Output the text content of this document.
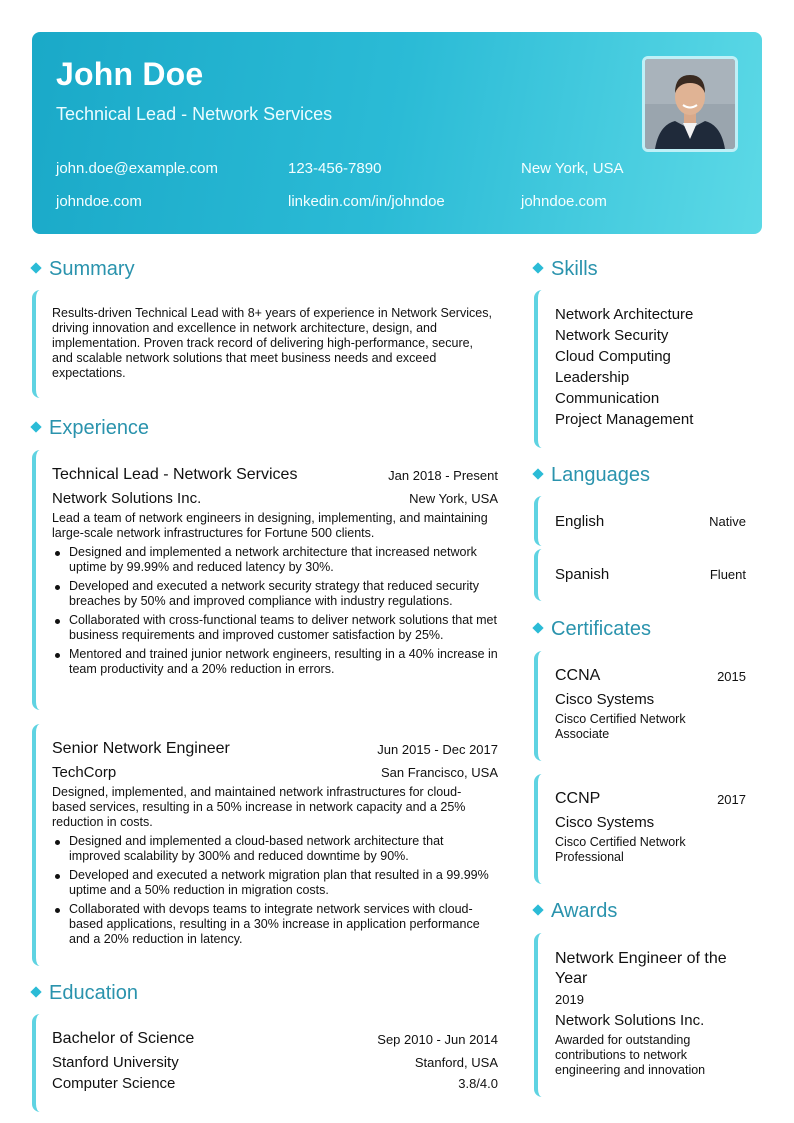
John Doe
Technical Lead - Network Services
john.doe@example.com	123-456-7890	New York, USA
johndoe.com	linkedin.com/in/johndoe	johndoe.com
Summary
Results-driven Technical Lead with 8+ years of experience in Network Services, driving innovation and excellence in network architecture, design, and implementation. Proven track record of delivering high-performance, secure, and scalable network solutions that meet business needs and exceed expectations.
Experience
Technical Lead - Network Services	Jan 2018 - Present
Network Solutions Inc.	New York, USA
Lead a team of network engineers in designing, implementing, and maintaining large-scale network infrastructures for Fortune 500 clients.
Designed and implemented a network architecture that increased network uptime by 99.99% and reduced latency by 30%.
Developed and executed a network security strategy that reduced security breaches by 50% and improved compliance with industry regulations.
Collaborated with cross-functional teams to deliver network solutions that met business requirements and improved customer satisfaction by 25%.
Mentored and trained junior network engineers, resulting in a 40% increase in team productivity and a 20% reduction in errors.
Senior Network Engineer	Jun 2015 - Dec 2017
TechCorp	San Francisco, USA
Designed, implemented, and maintained network infrastructures for cloud-based services, resulting in a 50% increase in network capacity and a 25% reduction in costs.
Designed and implemented a cloud-based network architecture that improved scalability by 300% and reduced downtime by 90%.
Developed and executed a network migration plan that resulted in a 99.99% uptime and a 50% reduction in migration costs.
Collaborated with devops teams to integrate network services with cloud-based applications, resulting in a 30% increase in application performance and a 20% reduction in latency.
Education
Bachelor of Science	Sep 2010 - Jun 2014
Stanford University	Stanford, USA
Computer Science	3.8/4.0
Skills
Network Architecture
Network Security
Cloud Computing
Leadership
Communication
Project Management
Languages
English	Native
Spanish	Fluent
Certificates
CCNA	2015
Cisco Systems
Cisco Certified Network Associate
CCNP	2017
Cisco Systems
Cisco Certified Network Professional
Awards
Network Engineer of the Year
2019
Network Solutions Inc.
Awarded for outstanding contributions to network engineering and innovation
